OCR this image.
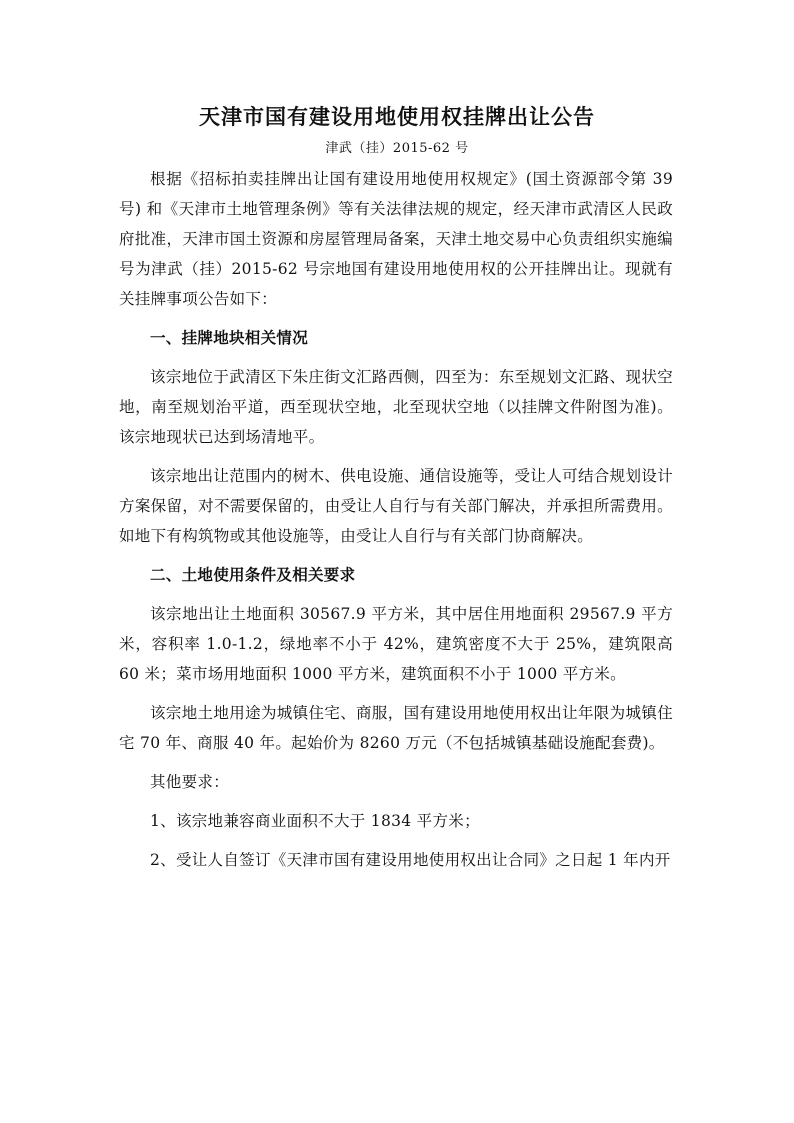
天津市国有建设用地使用权挂牌出让公告
津武（挂）2015-62 号

根据《招标拍卖挂牌出让国有建设用地使用权规定》(国土资源部令第 39 号) 和《天津市土地管理条例》等有关法律法规的规定，经天津市武清区人民政府批准，天津市国土资源和房屋管理局备案，天津土地交易中心负责组织实施编号为津武（挂）2015-62 号宗地国有建设用地使用权的公开挂牌出让。现就有关挂牌事项公告如下：

一、挂牌地块相关情况

该宗地位于武清区下朱庄街文汇路西侧，四至为：东至规划文汇路、现状空地，南至规划治平道，西至现状空地，北至现状空地（以挂牌文件附图为准)。该宗地现状已达到场清地平。

该宗地出让范围内的树木、供电设施、通信设施等，受让人可结合规划设计方案保留，对不需要保留的，由受让人自行与有关部门解决，并承担所需费用。如地下有构筑物或其他设施等，由受让人自行与有关部门协商解决。

二、土地使用条件及相关要求

该宗地出让土地面积 30567.9 平方米，其中居住用地面积 29567.9 平方米，容积率 1.0-1.2，绿地率不小于 42%，建筑密度不大于 25%，建筑限高 60 米；菜市场用地面积 1000 平方米，建筑面积不小于 1000 平方米。

该宗地土地用途为城镇住宅、商服，国有建设用地使用权出让年限为城镇住宅 70 年、商服 40 年。起始价为 8260 万元（不包括城镇基础设施配套费)。

其他要求：

1、该宗地兼容商业面积不大于 1834 平方米；

2、受让人自签订《天津市国有建设用地使用权出让合同》之日起 1 年内开
